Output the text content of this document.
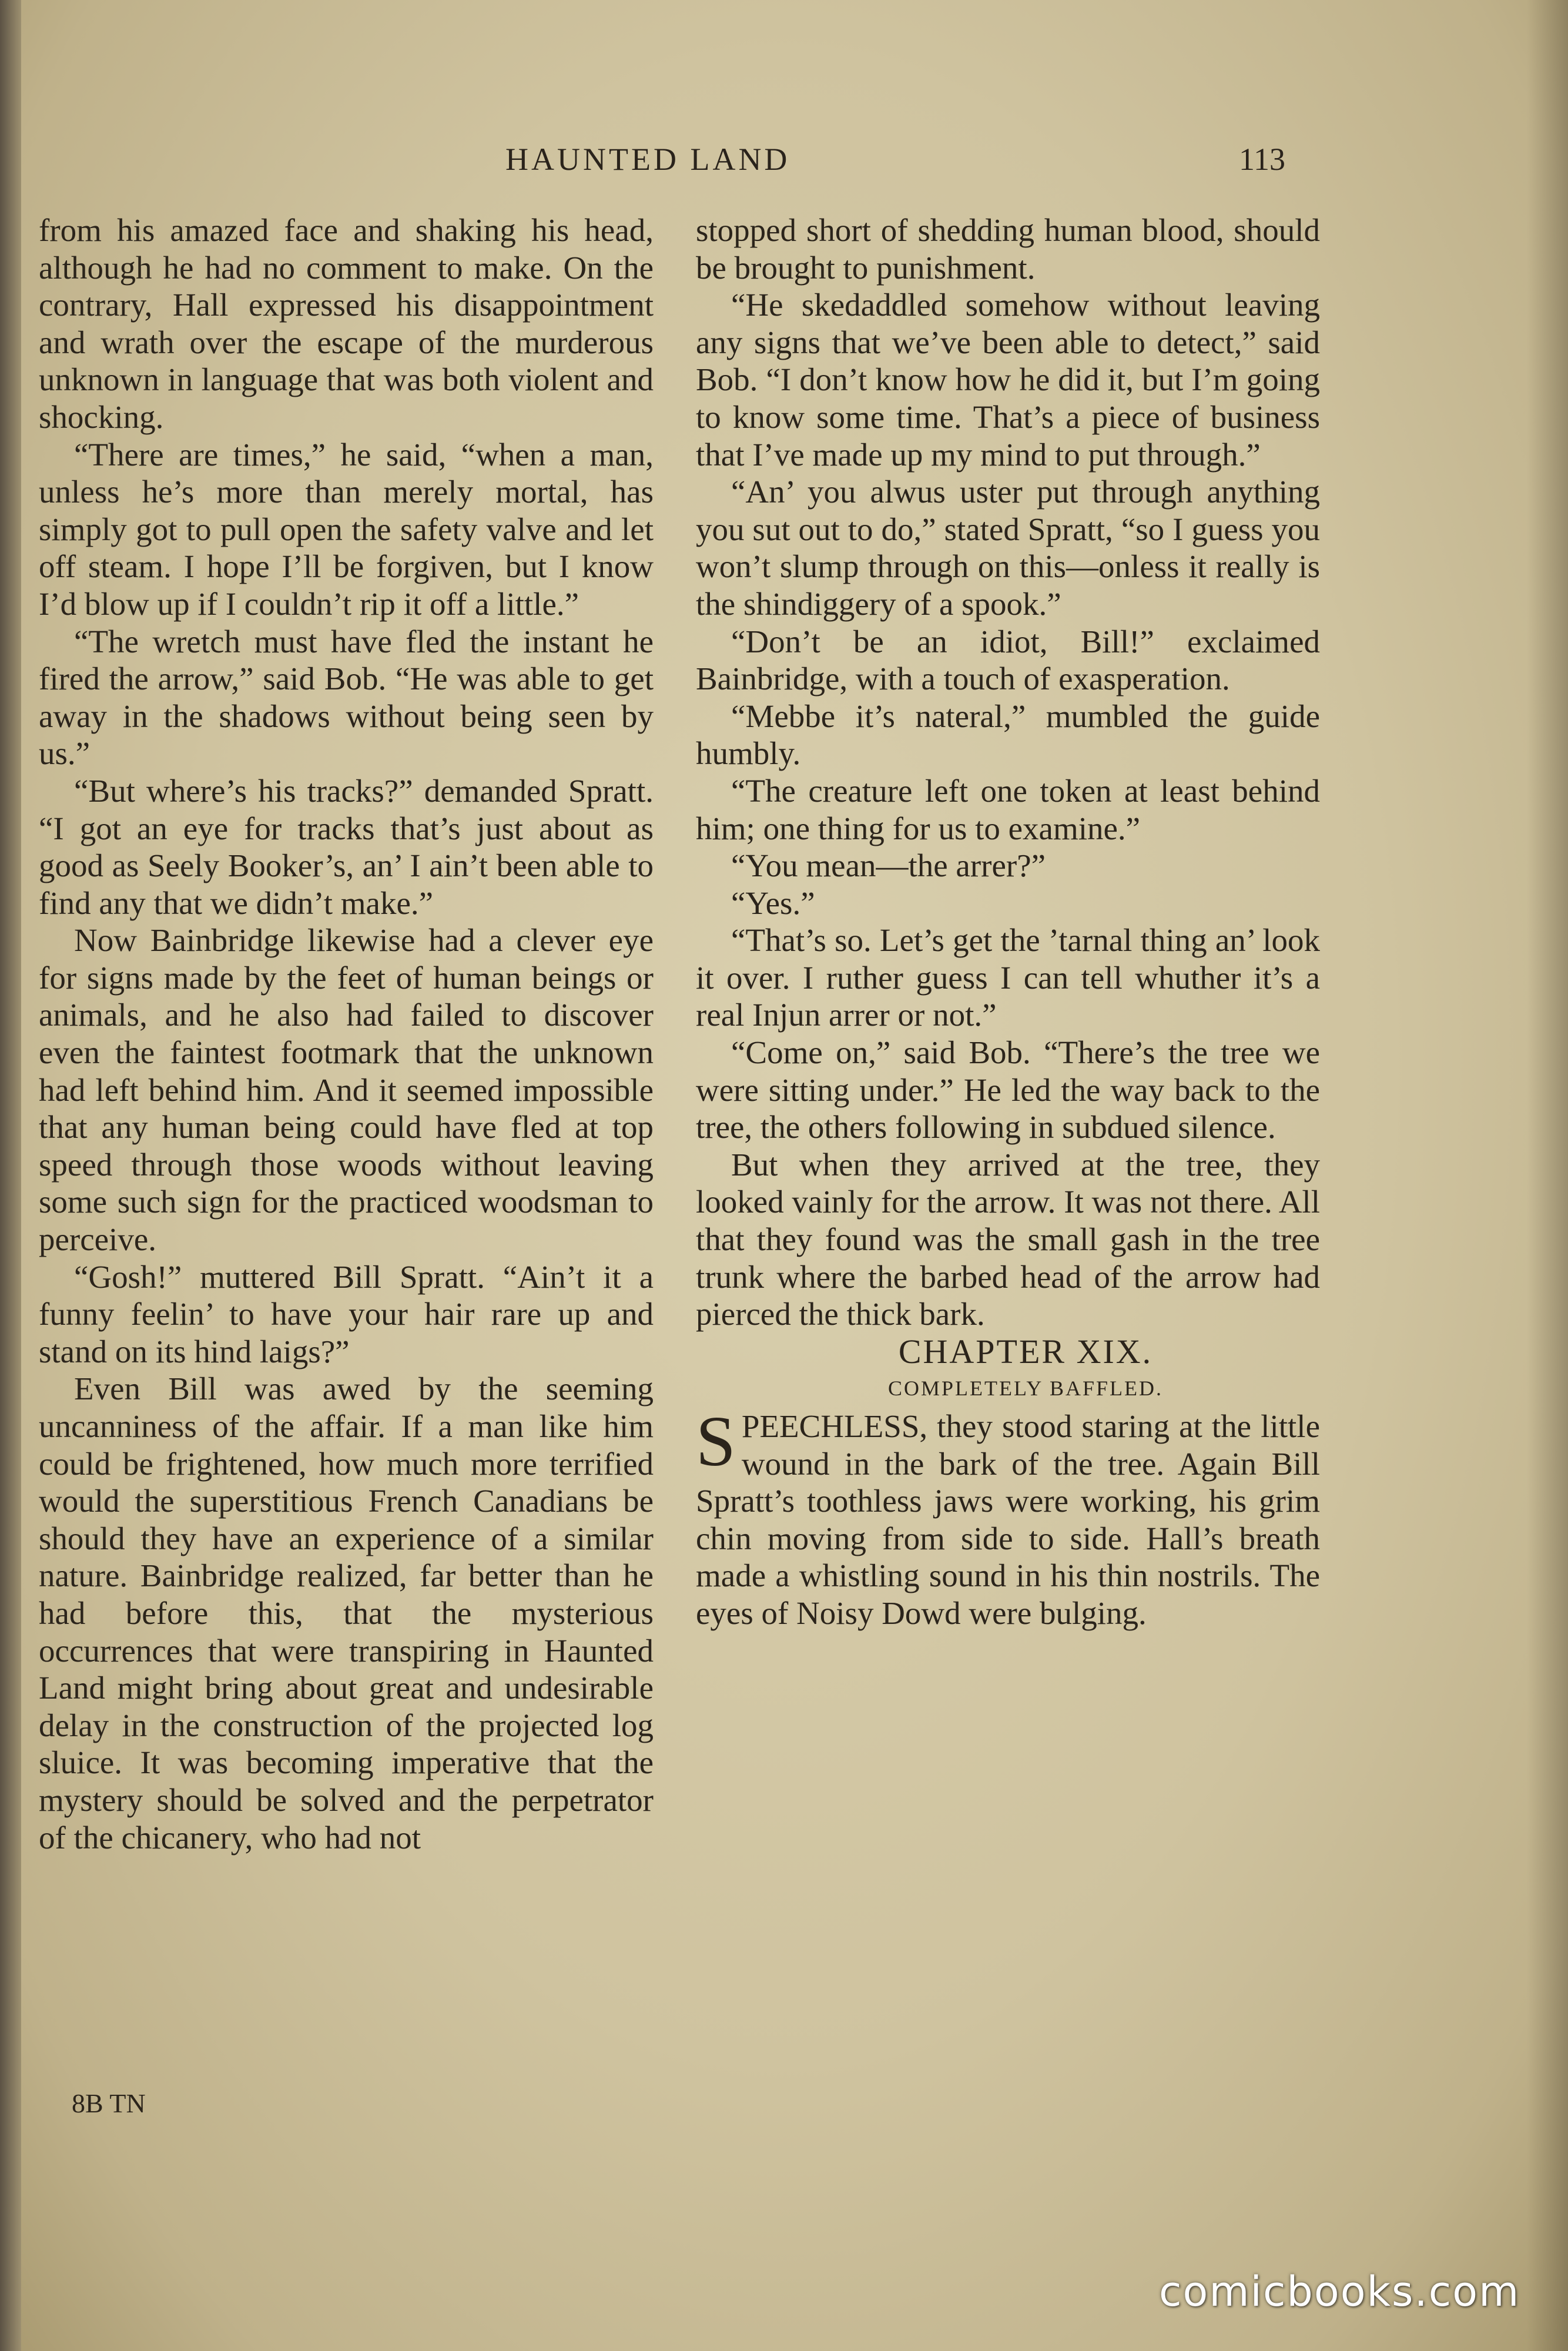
HAUNTED LAND	113

from his amazed face and shaking his head, although he had no comment to make. On the contrary, Hall expressed his disappointment and wrath over the escape of the murderous unknown in language that was both violent and shocking.

“There are times,” he said, “when a man, unless he’s more than merely mortal, has simply got to pull open the safety valve and let off steam. I hope I’ll be forgiven, but I know I’d blow up if I couldn’t rip it off a little.”

“The wretch must have fled the instant he fired the arrow,” said Bob. “He was able to get away in the shadows without being seen by us.”

“But where’s his tracks?” demanded Spratt. “I got an eye for tracks that’s just about as good as Seely Booker’s, an’ I ain’t been able to find any that we didn’t make.”

Now Bainbridge likewise had a clever eye for signs made by the feet of human beings or animals, and he also had failed to discover even the faintest footmark that the unknown had left behind him. And it seemed impossible that any human being could have fled at top speed through those woods without leaving some such sign for the practiced woodsman to perceive.

“Gosh!” muttered Bill Spratt. “Ain’t it a funny feelin’ to have your hair rare up and stand on its hind laigs?”

Even Bill was awed by the seeming uncanniness of the affair. If a man like him could be frightened, how much more terrified would the superstitious French Canadians be should they have an experience of a similar nature. Bainbridge realized, far better than he had before this, that the mysterious occurrences that were transpiring in Haunted Land might bring about great and undesirable delay in the construction of the projected log sluice. It was becoming imperative that the mystery should be solved and the perpetrator of the chicanery, who had not

stopped short of shedding human blood, should be brought to punishment.

“He skedaddled somehow without leaving any signs that we’ve been able to detect,” said Bob. “I don’t know how he did it, but I’m going to know some time. That’s a piece of business that I’ve made up my mind to put through.”

“An’ you alwus uster put through anything you sut out to do,” stated Spratt, “so I guess you won’t slump through on this—onless it really is the shindiggery of a spook.”

“Don’t be an idiot, Bill!” exclaimed Bainbridge, with a touch of exasperation.

“Mebbe it’s nateral,” mumbled the guide humbly.

“The creature left one token at least behind him; one thing for us to examine.”

“You mean—the arrer?”

“Yes.”

“That’s so. Let’s get the ’tarnal thing an’ look it over. I ruther guess I can tell whuther it’s a real Injun arrer or not.”

“Come on,” said Bob. “There’s the tree we were sitting under.” He led the way back to the tree, the others following in subdued silence.

But when they arrived at the tree, they looked vainly for the arrow. It was not there. All that they found was the small gash in the tree trunk where the barbed head of the arrow had pierced the thick bark.

CHAPTER XIX.

COMPLETELY BAFFLED.

SPEECHLESS, they stood staring at the little wound in the bark of the tree. Again Bill Spratt’s toothless jaws were working, his grim chin moving from side to side. Hall’s breath made a whistling sound in his thin nostrils. The eyes of Noisy Dowd were bulging.

8B TN
comicbooks.com
